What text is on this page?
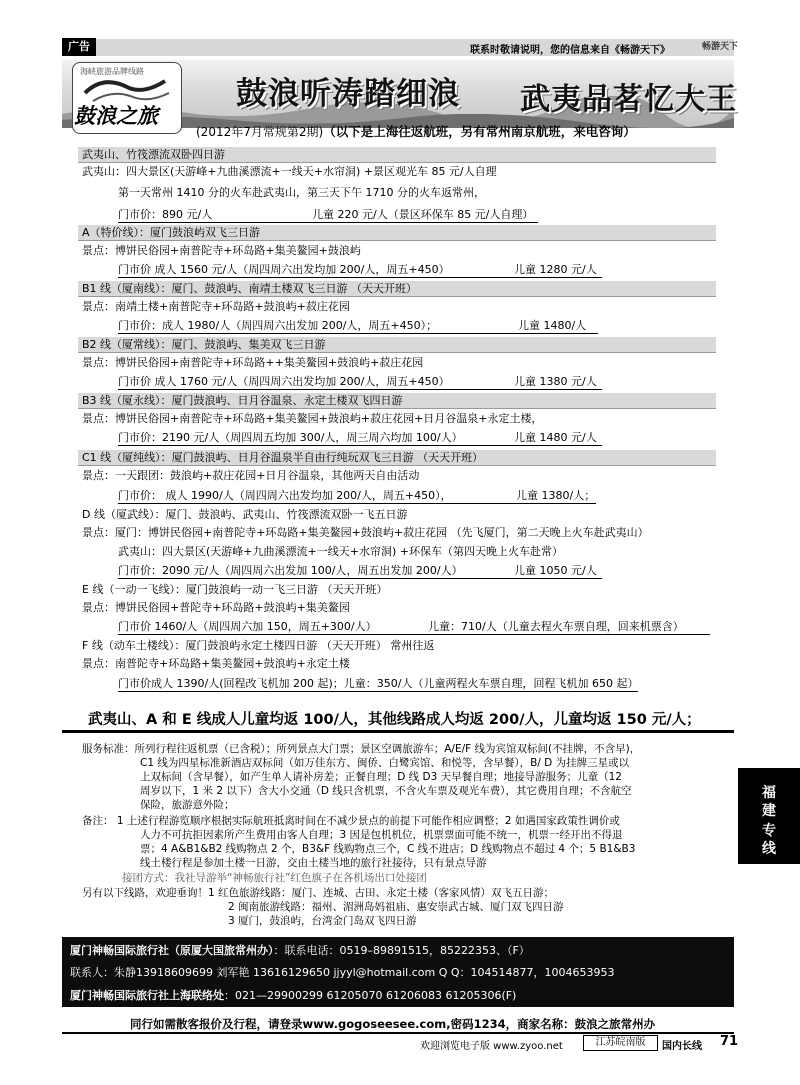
广告	联系时敬请说明，您的信息来自《畅游天下》	畅游天下
海峡旅游品牌线路
鼓浪之旅
鼓浪听涛踏细浪 武夷品茗忆大王
(2012年7月常规第2期)（以下是上海往返航班，另有常州南京航班，来电咨询）
武夷山、竹筏漂流双卧四日游
武夷山：四大景区(天游峰+九曲溪漂流+一线天+水帘洞) +景区观光车 85 元/人自理
第一天常州 1410 分的火车赴武夷山，第三天下午 1710 分的火车返常州，
门市价：890 元/人	儿童 220 元/人（景区环保车 85 元/人自理）
A（特价线）：厦门鼓浪屿双飞三日游
景点：博饼民俗园+南普陀寺+环岛路+集美鳌园+鼓浪屿
门市价 成人 1560 元/人（周四周六出发均加 200/人，周五+450）	儿童 1280 元/人
B1 线（厦南线）：厦门、鼓浪屿、南靖土楼双飞三日游 （天天开班）
景点：南靖土楼+南普陀寺+环岛路+鼓浪屿+菽庄花园
门市价：成人 1980/人（周四周六出发加 200/人，周五+450）；	儿童 1480/人
B2 线（厦常线）：厦门、鼓浪屿、集美双飞三日游
景点：博饼民俗园+南普陀寺+环岛路++集美鳌园+鼓浪屿+菽庄花园
门市价 成人 1760 元/人（周四周六出发均加 200/人，周五+450）	儿童 1380 元/人
B3 线（厦永线）：厦门鼓浪屿、日月谷温泉、永定土楼双飞四日游
景点：博饼民俗园+南普陀寺+环岛路+集美鳌园+鼓浪屿+菽庄花园+日月谷温泉+永定土楼，
门市价：2190 元/人（周四周五均加 300/人，周三周六均加 100/人）	儿童 1480 元/人
C1 线（厦纯线）：厦门鼓浪屿、日月谷温泉半自由行纯玩双飞三日游 （天天开班）
景点：一天跟团：鼓浪屿+菽庄花园+日月谷温泉，其他两天自由活动
门市价： 成人 1990/人（周四周六出发均加 200/人，周五+450），	儿童 1380/人；
D 线（厦武线）：厦门、鼓浪屿、武夷山、竹筏漂流双卧一飞五日游
景点：厦门：博饼民俗园+南普陀寺+环岛路+集美鳌园+鼓浪屿+菽庄花园 （先飞厦门，第二天晚上火车赴武夷山）
武夷山：四大景区(天游峰+九曲溪漂流+一线天+水帘洞) +环保车（第四天晚上火车赴常）
门市价：2090 元/人（周四周六出发加 100/人，周五出发加 200/人）	儿童 1050 元/人
E 线（一动一飞线）：厦门鼓浪屿一动一飞三日游 （天天开班）
景点：博饼民俗园+普陀寺+环岛路+鼓浪屿+集美鳌园
门市价 1460/人（周四周六加 150，周五+300/人）	儿童：710/人（儿童去程火车票自理，回来机票含）
F 线（动车土楼线）：厦门鼓浪屿永定土楼四日游 （天天开班） 常州往返
景点：南普陀寺+环岛路+集美鳌园+鼓浪屿+永定土楼
门市价成人 1390/人(回程改飞机加 200 起)；儿童：350/人（儿童两程火车票自理，回程飞机加 650 起）
武夷山、A 和 E 线成人儿童均返 100/人，其他线路成人均返 200/人，儿童均返 150 元/人；
服务标准：所列行程往返机票（已含税）；所列景点大门票；景区空调旅游车；A/E/F 线为宾馆双标间(不挂牌，不含早)，
C1 线为四星标准新酒店双标间（如万佳东方、闽侨、白鹭宾馆、和悦等，含早餐），B/ D 为挂牌三星或以
上双标间（含早餐），如产生单人请补房差；正餐自理；D 线 D3 天早餐自理；地接导游服务；儿童（12
周岁以下，1 米 2 以下）含大小交通（D 线只含机票，不含火车票及观光车费），其它费用自理；不含航空
保险，旅游意外险；
备注： 1 上述行程游览顺序根据实际航班抵离时间在不减少景点的前提下可能作相应调整；2 如遇国家政策性调价或
人力不可抗拒因素所产生费用由客人自理；3 因是包机机位，机票票面可能不统一，机票一经开出不得退
票；4 A&B1&B2 线购物点 2 个，B3&F 线购物点三个，C 线不进店；D 线购物点不超过 4 个；5 B1&B3
线土楼行程是参加土楼一日游，交由土楼当地的旅行社接待，只有景点导游
接团方式：我社导游举“神畅旅行社”红色旗子在各机场出口处接团
另有以下线路，欢迎垂询！1 红色旅游线路：厦门、连城、古田、永定土楼（客家风情）双飞五日游；
2 闽南旅游线路：福州、湄洲岛妈祖庙、惠安崇武古城、厦门双飞四日游
3 厦门，鼓浪屿，台湾金门岛双飞四日游
厦门神畅国际旅行社（原厦大国旅常州办）：联系电话：0519–89891515，85222353、（F）
联系人：朱静13918609699 刘军艳 13616129650 jjyyl@hotmail.com Q Q：104514877，1004653953
厦门神畅国际旅行社上海联络处：021—29900299 61205070 61206083 61205306(F)
同行如需散客报价及行程，请登录www.gogoseesee.com,密码1234，商家名称：鼓浪之旅常州办
欢迎浏览电子版 www.zyoo.net	江苏皖南版	国内长线 71
福
建
专
线
